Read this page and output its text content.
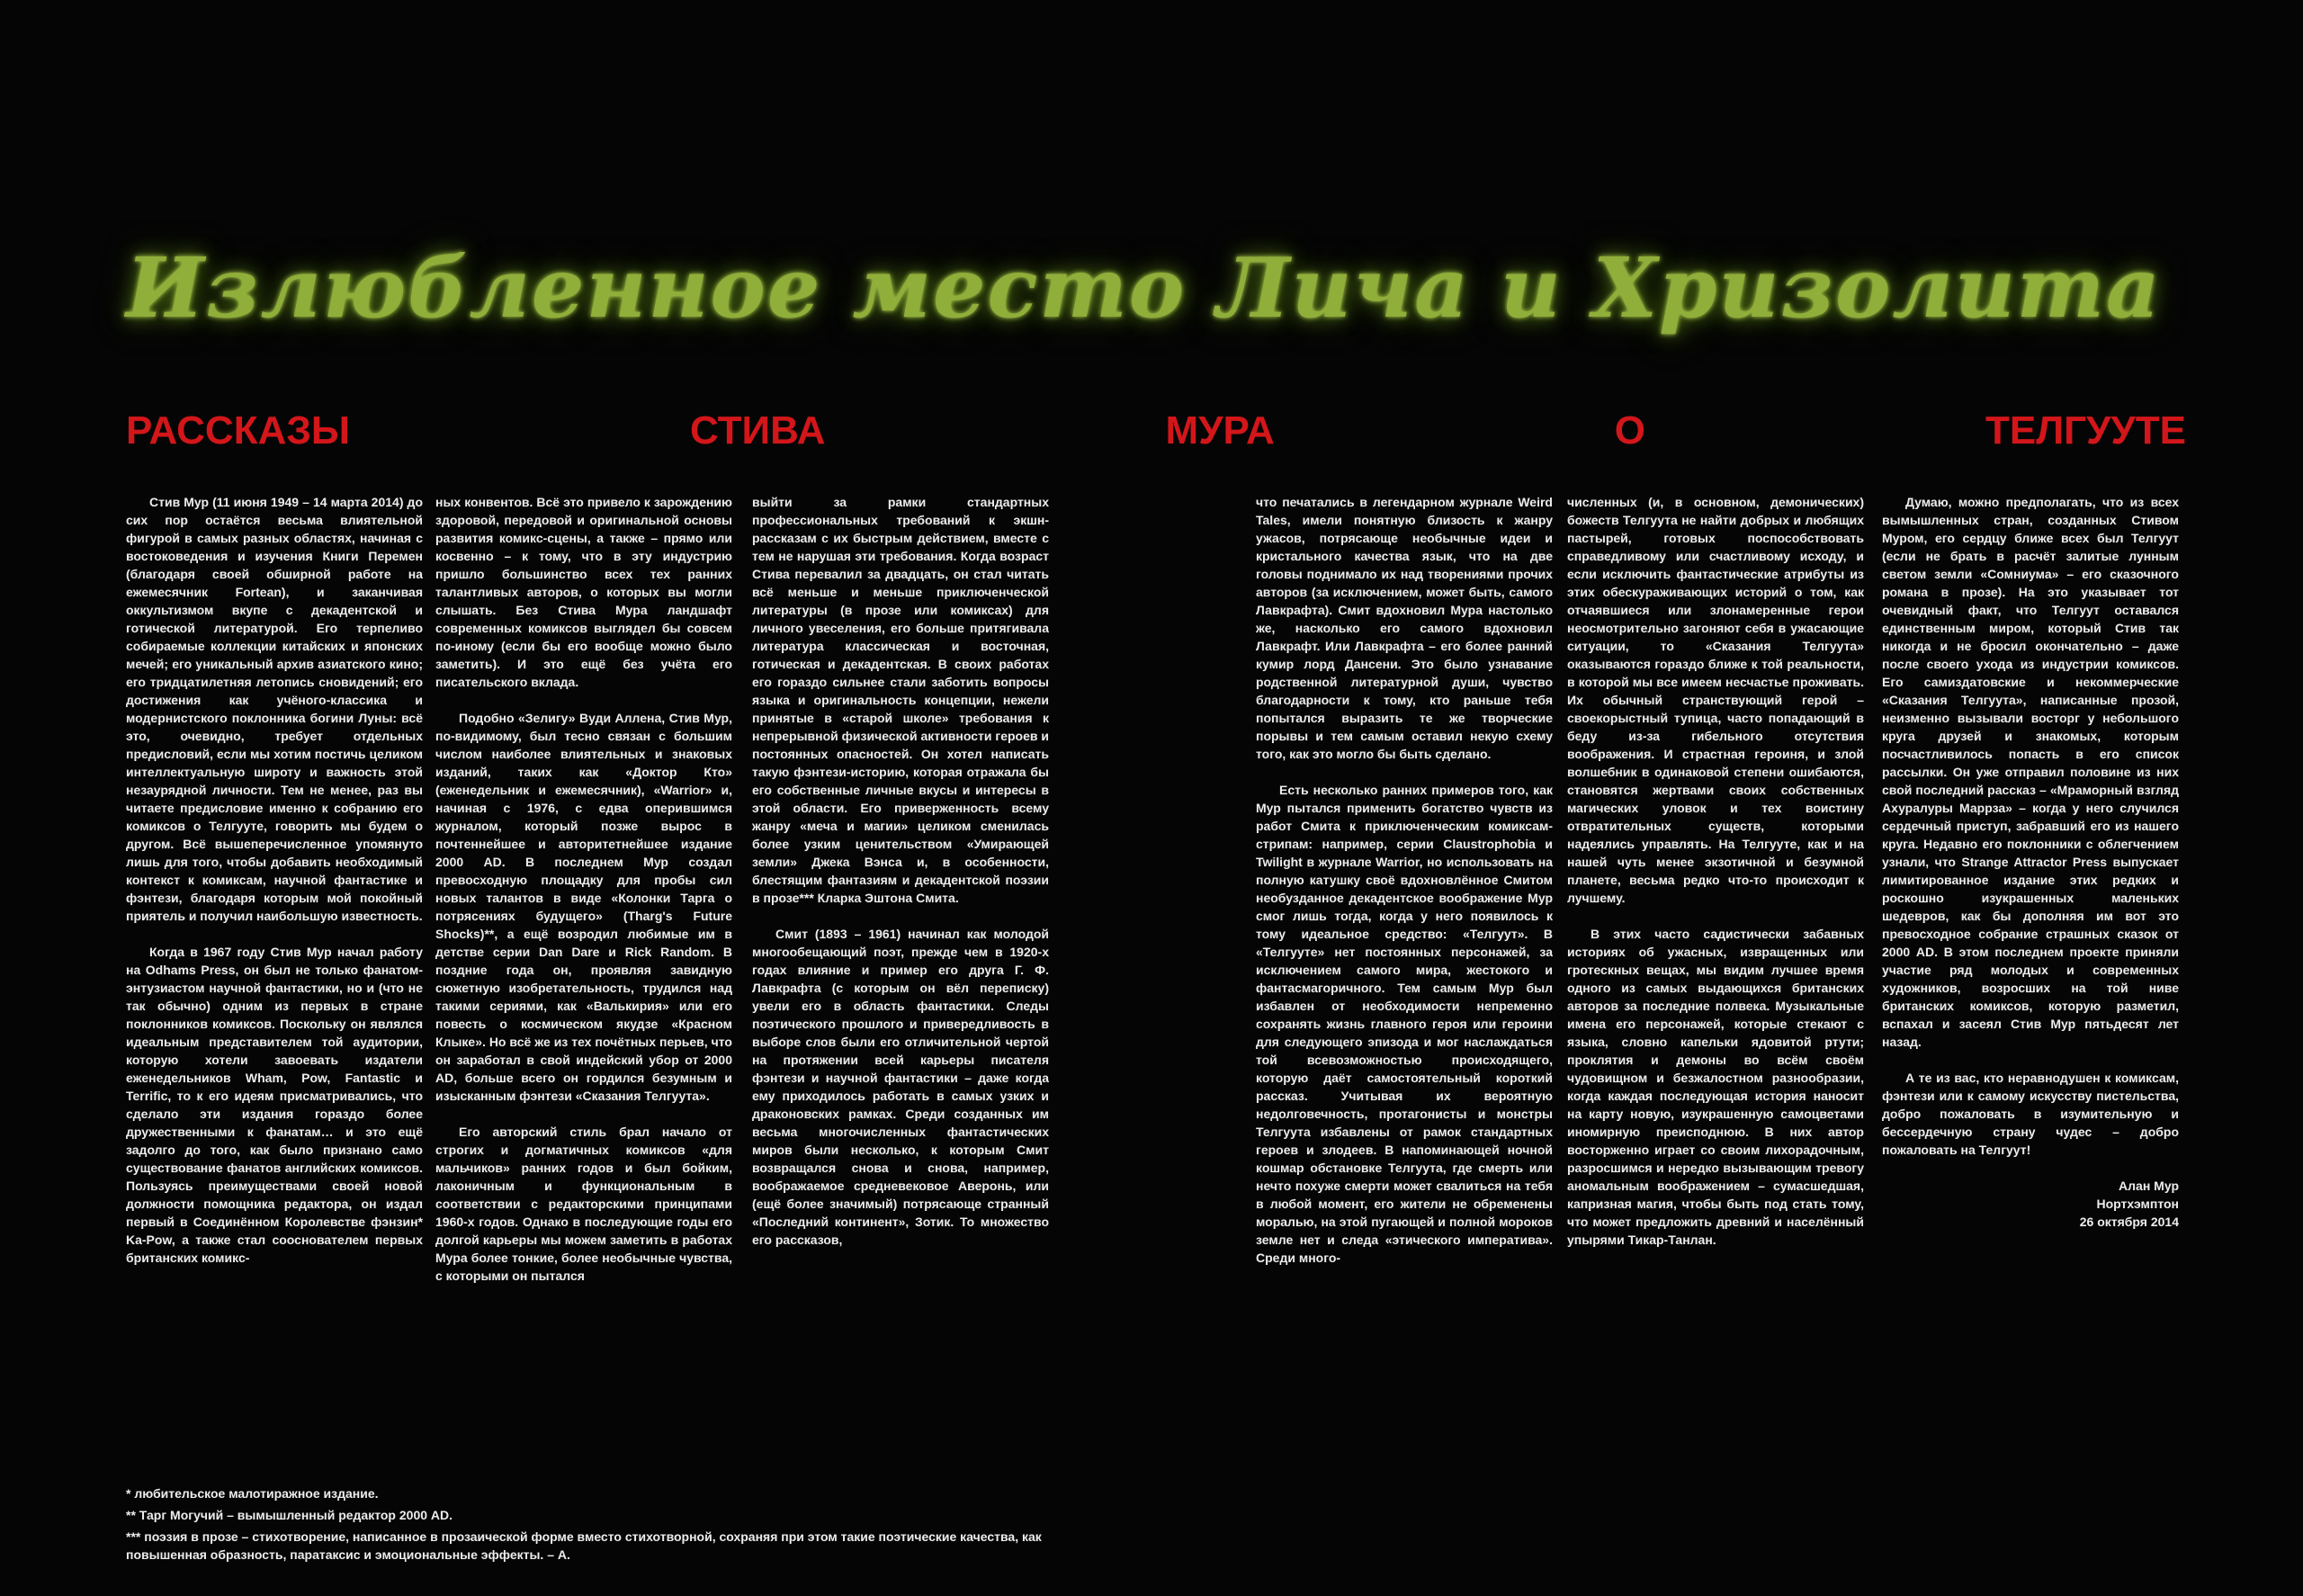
Излюбленное место Лича и Хризолита
РАССКАЗЫ	СТИВА	МУРА	О	ТЕЛГУУТЕ

Стив Мур (11 июня 1949 – 14 марта 2014) до сих пор остаётся весьма влиятельной фигурой в самых разных областях, начиная с востоковедения и изучения Книги Перемен (благодаря своей обширной работе на ежемесячник Fortean), и заканчивая оккультизмом вкупе с декадентской и готической литературой. Его терпеливо собираемые коллекции китайских и японских мечей; его уникальный архив азиатского кино; его тридцатилетняя летопись сновидений; его достижения как учёного-классика и модернистского поклонника богини Луны: всё это, очевидно, требует отдельных предисловий, если мы хотим постичь целиком интеллектуальную широту и важность этой незаурядной личности. Тем не менее, раз вы читаете предисловие именно к собранию его комиксов о Телгууте, говорить мы будем о другом. Всё вышеперечисленное упомянуто лишь для того, чтобы добавить необходимый контекст к комиксам, научной фантастике и фэнтези, благодаря которым мой покойный приятель и получил наибольшую известность.

Когда в 1967 году Стив Мур начал работу на Odhams Press, он был не только фанатом-энтузиастом научной фантастики, но и (что не так обычно) одним из первых в стране поклонников комиксов. Поскольку он являлся идеальным представителем той аудитории, которую хотели завоевать издатели еженедельников Wham, Pow, Fantastic и Terrific, то к его идеям присматривались, что сделало эти издания гораздо более дружественными к фанатам… и это ещё задолго до того, как было признано само существование фанатов английских комиксов. Пользуясь преимуществами своей новой должности помощника редактора, он издал первый в Соединённом Королевстве фэнзин* Ka-Pow, а также стал сооснователем первых британских комикс-

ных конвентов. Всё это привело к зарождению здоровой, передовой и оригинальной основы развития комикс-сцены, а также – прямо или косвенно – к тому, что в эту индустрию пришло большинство всех тех ранних талантливых авторов, о которых вы могли слышать. Без Стива Мура ландшафт современных комиксов выглядел бы совсем по-иному (если бы его вообще можно было заметить). И это ещё без учёта его писательского вклада.

Подобно «Зелигу» Вуди Аллена, Стив Мур, по-видимому, был тесно связан с большим числом наиболее влиятельных и знаковых изданий, таких как «Доктор Кто» (еженедельник и ежемесячник), «Warrior» и, начиная с 1976, с едва оперившимся журналом, который позже вырос в почтеннейшее и авторитетнейшее издание 2000 AD. В последнем Мур создал превосходную площадку для пробы сил новых талантов в виде «Колонки Тарга о потрясениях будущего» (Tharg's Future Shocks)**, а ещё возродил любимые им в детстве серии Dan Dare и Rick Random. В поздние года он, проявляя завидную сюжетную изобретательность, трудился над такими сериями, как «Валькирия» или его повесть о космическом якудзе «Красном Клыке». Но всё же из тех почётных перьев, что он заработал в свой индейский убор от 2000 AD, больше всего он гордился безумным и изысканным фэнтези «Сказания Телгуута».

Его авторский стиль брал начало от строгих и догматичных комиксов «для мальчиков» ранних годов и был бойким, лаконичным и функциональным в соответствии с редакторскими принципами 1960-х годов. Однако в последующие годы его долгой карьеры мы можем заметить в работах Мура более тонкие, более необычные чувства, с которыми он пытался

выйти за рамки стандартных профессиональных требований к экшн-рассказам с их быстрым действием, вместе с тем не нарушая эти требования. Когда возраст Стива перевалил за двадцать, он стал читать всё меньше и меньше приключенческой литературы (в прозе или комиксах) для личного увеселения, его больше притягивала литература классическая и восточная, готическая и декадентская. В своих работах его гораздо сильнее стали заботить вопросы языка и оригинальность концепции, нежели принятые в «старой школе» требования к непрерывной физической активности героев и постоянных опасностей. Он хотел написать такую фэнтези-историю, которая отражала бы его собственные личные вкусы и интересы в этой области. Его приверженность всему жанру «меча и магии» целиком сменилась более узким ценительством «Умирающей земли» Джека Вэнса и, в особенности, блестящим фантазиям и декадентской поэзии в прозе*** Кларка Эштона Смита.

Смит (1893 – 1961) начинал как молодой многообещающий поэт, прежде чем в 1920-х годах влияние и пример его друга Г. Ф. Лавкрафта (с которым он вёл переписку) увели его в область фантастики. Следы поэтического прошлого и привередливость в выборе слов были его отличительной чертой на протяжении всей карьеры писателя фэнтези и научной фантастики – даже когда ему приходилось работать в самых узких и драконовских рамках. Среди созданных им весьма многочисленных фантастических миров были несколько, к которым Смит возвращался снова и снова, например, воображаемое средневековое Аверонь, или (ещё более значимый) потрясающе странный «Последний континент», Зотик. То множество его рассказов,

что печатались в легендарном журнале Weird Tales, имели понятную близость к жанру ужасов, потрясающе необычные идеи и кристального качества язык, что на две головы поднимало их над творениями прочих авторов (за исключением, может быть, самого Лавкрафта). Смит вдохновил Мура настолько же, насколько его самого вдохновил Лавкрафт. Или Лавкрафта – его более ранний кумир лорд Дансени. Это было узнавание родственной литературной души, чувство благодарности к тому, кто раньше тебя попытался выразить те же творческие порывы и тем самым оставил некую схему того, как это могло бы быть сделано.

Есть несколько ранних примеров того, как Мур пытался применить богатство чувств из работ Смита к приключенческим комиксам-стрипам: например, серии Claustrophobia и Twilight в журнале Warrior, но использовать на полную катушку своё вдохновлённое Смитом необузданное декадентское воображение Мур смог лишь тогда, когда у него появилось к тому идеальное средство: «Телгуут». В «Телгууте» нет постоянных персонажей, за исключением самого мира, жестокого и фантасмагоричного. Тем самым Мур был избавлен от необходимости непременно сохранять жизнь главного героя или героини для следующего эпизода и мог наслаждаться той всевозможностью происходящего, которую даёт самостоятельный короткий рассказ. Учитывая их вероятную недолговечность, протагонисты и монстры Телгуута избавлены от рамок стандартных героев и злодеев. В напоминающей ночной кошмар обстановке Телгуута, где смерть или нечто похуже смерти может свалиться на тебя в любой момент, его жители не обременены моралью, на этой пугающей и полной мороков земле нет и следа «этического императива». Среди много-

численных (и, в основном, демонических) божеств Телгуута не найти добрых и любящих пастырей, готовых поспособствовать справедливому или счастливому исходу, и если исключить фантастические атрибуты из этих обескураживающих историй о том, как отчаявшиеся или злонамеренные герои неосмотрительно загоняют себя в ужасающие ситуации, то «Сказания Телгуута» оказываются гораздо ближе к той реальности, в которой мы все имеем несчастье проживать. Их обычный странствующий герой – своекорыстный тупица, часто попадающий в беду из-за гибельного отсутствия воображения. И страстная героиня, и злой волшебник в одинаковой степени ошибаются, становятся жертвами своих собственных магических уловок и тех воистину отвратительных существ, которыми надеялись управлять. На Телгууте, как и на нашей чуть менее экзотичной и безумной планете, весьма редко что-то происходит к лучшему.

В этих часто садистически забавных историях об ужасных, извращенных или гротескных вещах, мы видим лучшее время одного из самых выдающихся британских авторов за последние полвека. Музыкальные имена его персонажей, которые стекают с языка, словно капельки ядовитой ртути; проклятия и демоны во всём своём чудовищном и безжалостном разнообразии, когда каждая последующая история наносит на карту новую, изукрашенную самоцветами иномирную преисподнюю. В них автор восторженно играет со своим лихорадочным, разросшимся и нередко вызывающим тревогу аномальным воображением – сумасшедшая, капризная магия, чтобы быть под стать тому, что может предложить древний и населённый упырями Тикар-Танлан.

Думаю, можно предполагать, что из всех вымышленных стран, созданных Стивом Муром, его сердцу ближе всех был Телгуут (если не брать в расчёт залитые лунным светом земли «Сомниума» – его сказочного романа в прозе). На это указывает тот очевидный факт, что Телгуут оставался единственным миром, который Стив так никогда и не бросил окончательно – даже после своего ухода из индустрии комиксов. Его самиздатовские и некоммерческие «Сказания Телгуута», написанные прозой, неизменно вызывали восторг у небольшого круга друзей и знакомых, которым посчастливилось попасть в его список рассылки. Он уже отправил половине из них свой последний рассказ – «Мраморный взгляд Ахуралуры Маррза» – когда у него случился сердечный приступ, забравший его из нашего круга. Недавно его поклонники с облегчением узнали, что Strange Attractor Press выпускает лимитированное издание этих редких и роскошно изукрашенных маленьких шедевров, как бы дополняя им вот это превосходное собрание страшных сказок от 2000 AD. В этом последнем проекте приняли участие ряд молодых и современных художников, возросших на той ниве британских комиксов, которую разметил, вспахал и засеял Стив Мур пятьдесят лет назад.

А те из вас, кто неравнодушен к комиксам, фэнтези или к самому искусству пистельства, добро пожаловать в изумительную и бессердечную страну чудес – добро пожаловать на Телгуут!

Алан Мур
Нортхэмптон
26 октября 2014

* любительское малотиражное издание.

** Тарг Могучий – вымышленный редактор 2000 AD.

*** поэзия в прозе – стихотворение, написанное в прозаической форме вместо стихотворной, сохраняя при этом такие поэтические качества, как повышенная образность, паратаксис и эмоциональные эффекты. – А.
